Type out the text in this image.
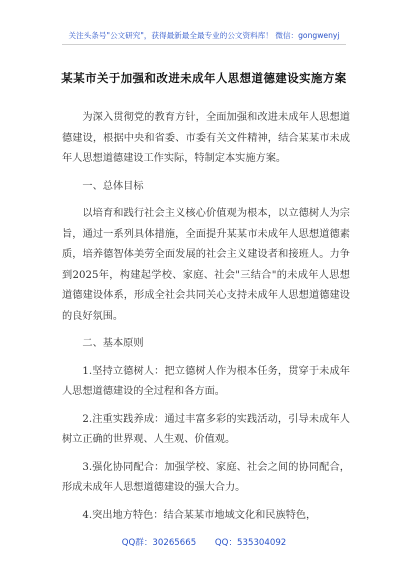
关注头条号"公文研究"，获得最新最全最专业的公文资料库！ 微信：gongwenyj
某某市关于加强和改进未成年人思想道德建设实施方案

为深入贯彻党的教育方针，全面加强和改进未成年人思想道德建设，根据中央和省委、市委有关文件精神，结合某某市未成年人思想道德建设工作实际，特制定本实施方案。

一、总体目标

以培育和践行社会主义核心价值观为根本，以立德树人为宗旨，通过一系列具体措施，全面提升某某市未成年人思想道德素质，培养德智体美劳全面发展的社会主义建设者和接班人。力争到2025年，构建起学校、家庭、社会"三结合"的未成年人思想道德建设体系，形成全社会共同关心支持未成年人思想道德建设的良好氛围。

二、基本原则

1.坚持立德树人：把立德树人作为根本任务，贯穿于未成年人思想道德建设的全过程和各方面。

2.注重实践养成：通过丰富多彩的实践活动，引导未成年人树立正确的世界观、人生观、价值观。

3.强化协同配合：加强学校、家庭、社会之间的协同配合，形成未成年人思想道德建设的强大合力。

4.突出地方特色：结合某某市地域文化和民族特色，

QQ群：30265665 QQ：535304092
